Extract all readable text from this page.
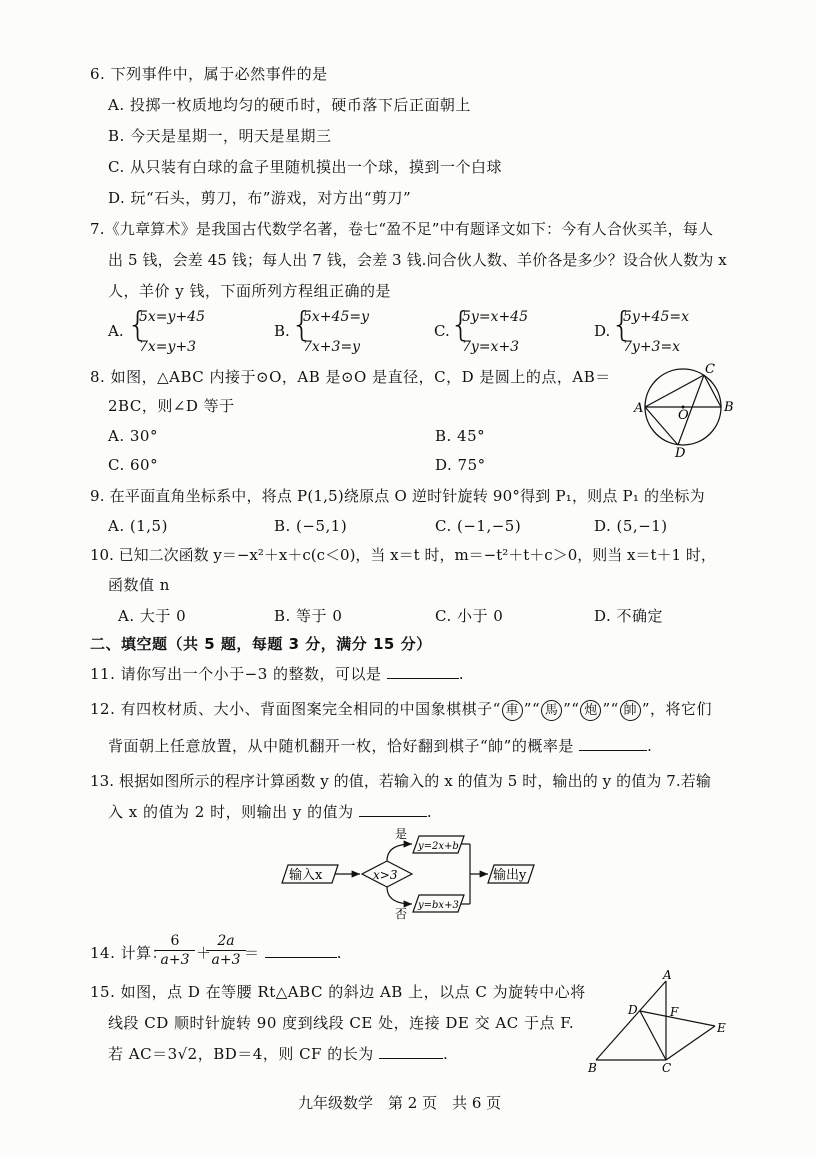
6. 下列事件中，属于必然事件的是
A. 投掷一枚质地均匀的硬币时，硬币落下后正面朝上
B. 今天是星期一，明天是星期三
C. 从只装有白球的盒子里随机摸出一个球，摸到一个白球
D. 玩“石头，剪刀，布”游戏，对方出“剪刀”
7.《九章算术》是我国古代数学名著，卷七“盈不足”中有题译文如下：今有人合伙买羊，每人
出 5 钱，会差 45 钱；每人出 7 钱，会差 3 钱.问合伙人数、羊价各是多少？设合伙人数为 x
人，羊价 y 钱，下面所列方程组正确的是
A. {
5x=y+45
7x=y+3
B. {
5x+45=y
7x+3=y
C. {
5y=x+45
7y=x+3
D. {
5y+45=x
7y+3=x
8. 如图，△ABC 内接于⊙O，AB 是⊙O 是直径，C，D 是圆上的点，AB＝
2BC，则∠D 等于
A. 30°	B. 45°
C. 60°	D. 75°
A	B
C
D
O
9. 在平面直角坐标系中，将点 P(1,5)绕原点 O 逆时针旋转 90°得到 P₁，则点 P₁ 的坐标为
A. (1,5)	B. (−5,1)	C. (−1,−5)	D. (5,−1)
10. 已知二次函数 y＝−x²＋x＋c(c＜0)，当 x＝t 时，m＝−t²＋t＋c＞0，则当 x＝t＋1 时，
函数值 n
A. 大于 0	B. 等于 0	C. 小于 0	D. 不确定
二、填空题（共 5 题，每题 3 分，满分 15 分）
11. 请你写出一个小于−3 的整数，可以是	.
12. 有四枚材质、大小、背面图案完全相同的中国象棋棋子“ 車 ”“ 馬 ”“ 炮 ”“ 帥 ”，将它们
背面朝上任意放置，从中随机翻开一枚，恰好翻到棋子“帥”的概率是	.
13. 根据如图所示的程序计算函数 y 的值，若输入的 x 的值为 5 时，输出的 y 的值为 7.若输
入 x 的值为 2 时，则输出 y 的值为	.
输入x	x>3
是
否
y=2x+b
y=bx+3
输出y
14. 计算：
$\frac{6}{a+3}$ ＋
$\frac{2a}{a+3}$
＝	.
15. 如图，点 D 在等腰 Rt△ABC 的斜边 AB 上，以点 C 为旋转中心将
线段 CD 顺时针旋转 90 度到线段 CE 处，连接 DE 交 AC 于点 F.
若 AC＝3√2，BD＝4，则 CF 的长为	.
A
B	C
D
E
F
九年级数学　第 2 页　共 6 页
